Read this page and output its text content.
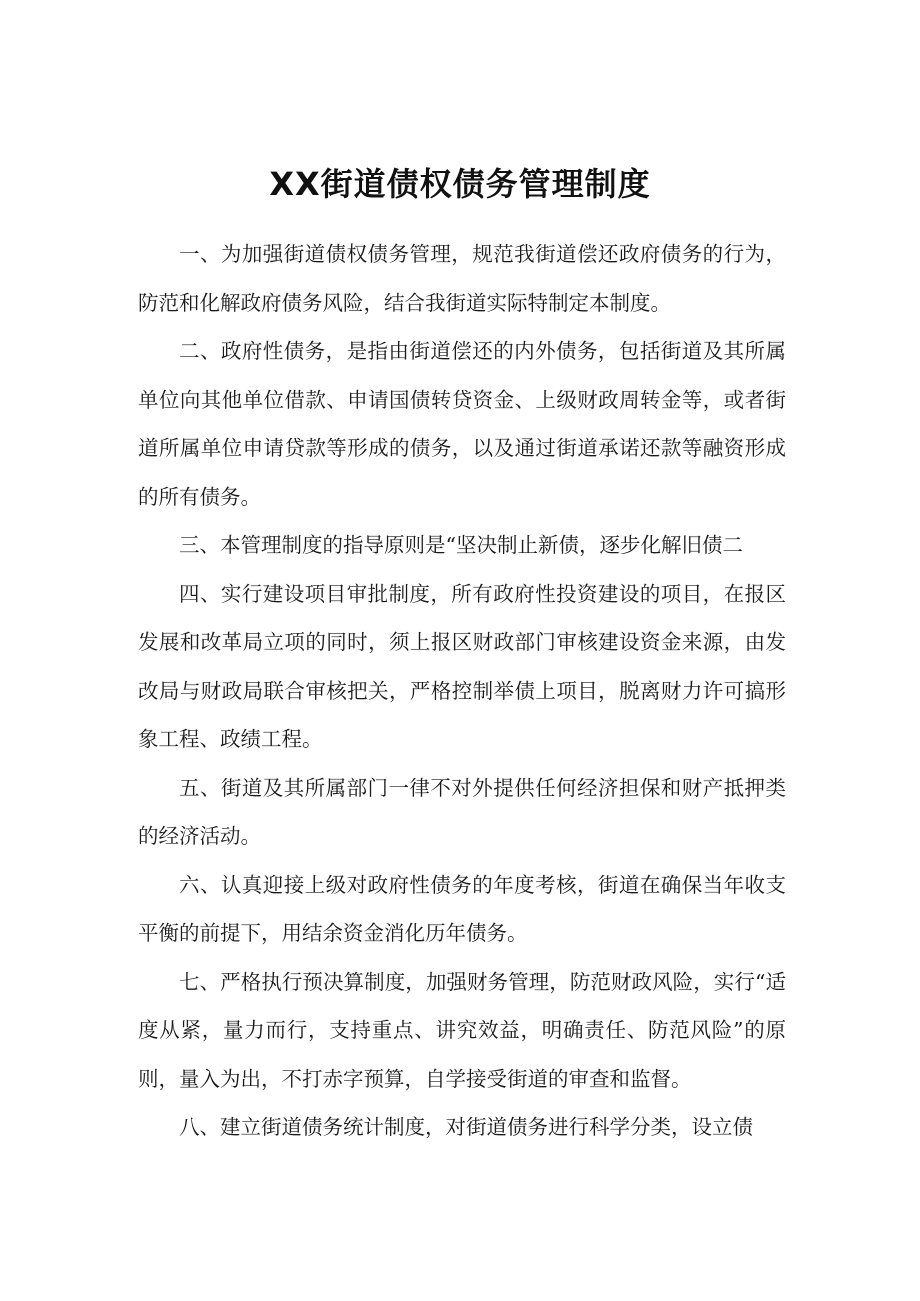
XX街道债权债务管理制度

一、为加强街道债权债务管理，规范我街道偿还政府债务的行为，防范和化解政府债务风险，结合我街道实际特制定本制度。

二、政府性债务，是指由街道偿还的内外债务，包括街道及其所属单位向其他单位借款、申请国债转贷资金、上级财政周转金等，或者街道所属单位申请贷款等形成的债务，以及通过街道承诺还款等融资形成的所有债务。

三、本管理制度的指导原则是“坚决制止新债，逐步化解旧债二

四、实行建设项目审批制度，所有政府性投资建设的项目，在报区发展和改革局立项的同时，须上报区财政部门审核建设资金来源，由发改局与财政局联合审核把关，严格控制举债上项目，脱离财力许可搞形象工程、政绩工程。

五、街道及其所属部门一律不对外提供任何经济担保和财产抵押类的经济活动。

六、认真迎接上级对政府性债务的年度考核，街道在确保当年收支平衡的前提下，用结余资金消化历年债务。

七、严格执行预决算制度，加强财务管理，防范财政风险，实行“适度从紧，量力而行，支持重点、讲究效益，明确责任、防范风险”的原则，量入为出，不打赤字预算，自学接受街道的审查和监督。

八、建立街道债务统计制度，对街道债务进行科学分类，设立债
